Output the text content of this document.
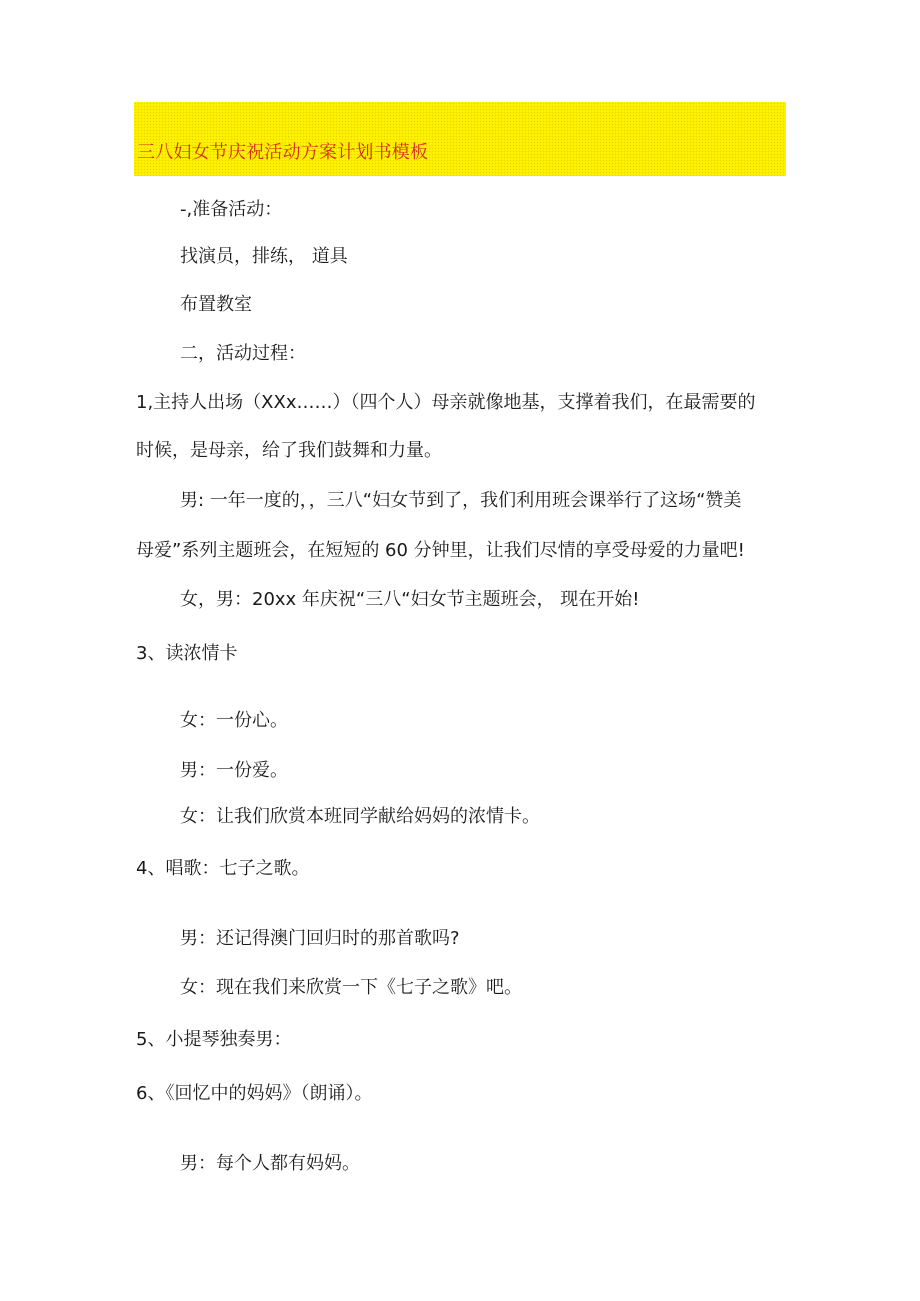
三八妇女节庆祝活动方案计划书模板
-,准备活动：
找演员，排练， 道具
布置教室
二，活动过程：
1,主持人出场（XXx……）（四个人）母亲就像地基，支撑着我们，在最需要的
时候，是母亲，给了我们鼓舞和力量。
男: 一年一度的，，三八“妇女节到了，我们利用班会课举行了这场“赞美
母爱”系列主题班会，在短短的 60 分钟里，让我们尽情的享受母爱的力量吧!
女，男：20xx 年庆祝“三八“妇女节主题班会， 现在开始!
3、读浓情卡
女：一份心。
男：一份爱。
女：让我们欣赏本班同学献给妈妈的浓情卡。
4、唱歌：七子之歌。
男：还记得澳门回归时的那首歌吗?
女：现在我们来欣赏一下《七子之歌》吧。
5、小提琴独奏男：
6、《回忆中的妈妈》（朗诵）。
男：每个人都有妈妈。
